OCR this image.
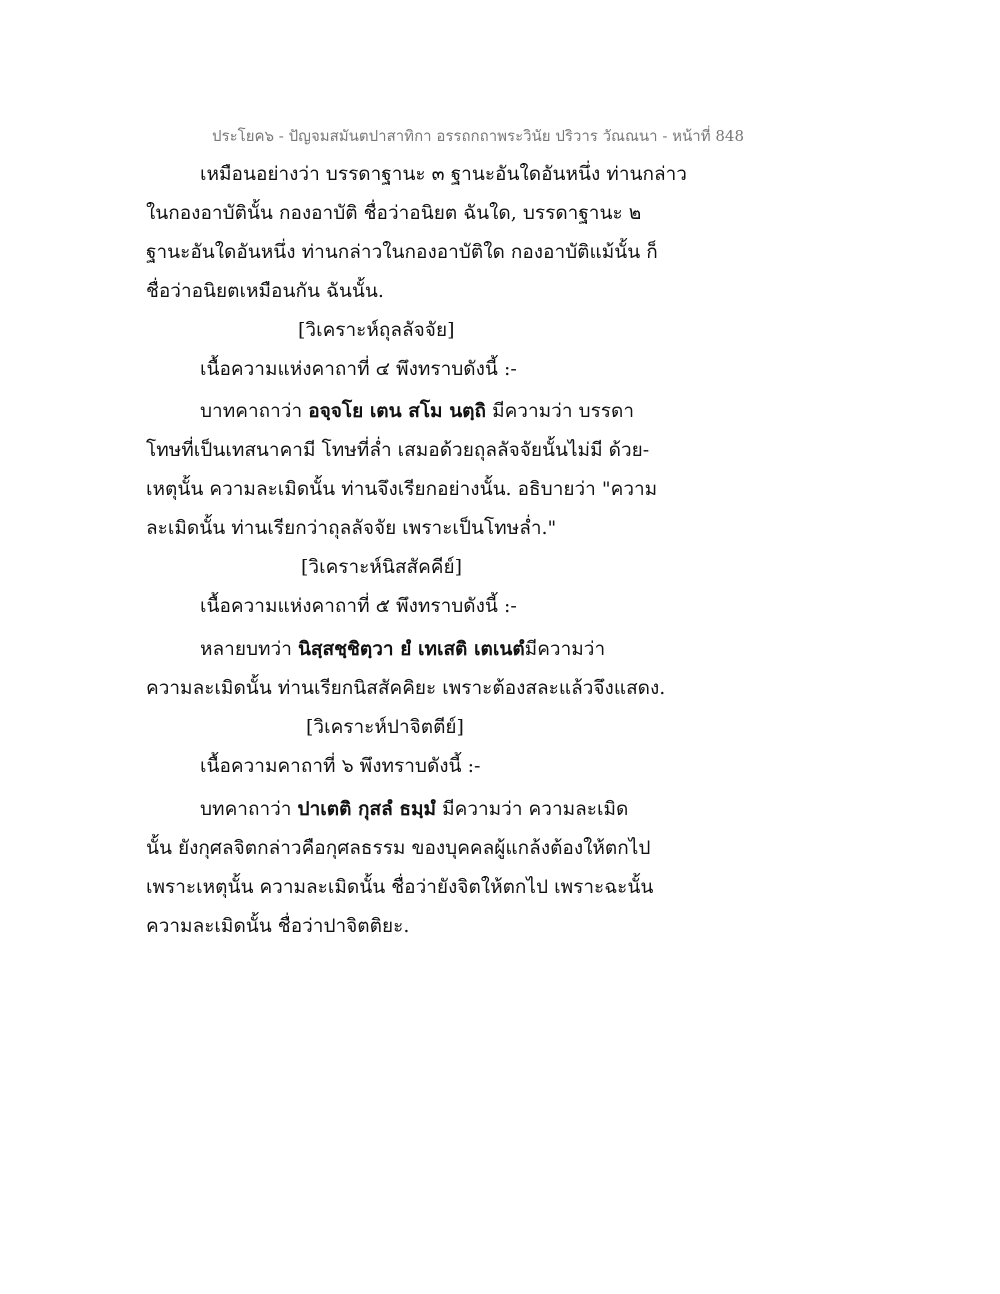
ประโยค๖ - ปัญจมสมันตปาสาทิกา อรรถกถาพระวินัย ปริวาร วัณณนา - หน้าที่ 848
เหมือนอย่างว่า บรรดาฐานะ ๓ ฐานะอันใดอันหนึ่ง ท่านกล่าว
ในกองอาบัตินั้น กองอาบัติ ชื่อว่าอนิยต ฉันใด, บรรดาฐานะ ๒
ฐานะอันใดอันหนึ่ง ท่านกล่าวในกองอาบัติใด กองอาบัติแม้นั้น ก็
ชื่อว่าอนิยตเหมือนกัน ฉันนั้น.
[วิเคราะห์ถุลลัจจัย]
เนื้อความแห่งคาถาที่ ๔ พึงทราบดังนี้ :-
บาทคาถาว่า อจฺจโย เตน สโม นตฺถิ มีความว่า บรรดา
โทษที่เป็นเทสนาคามี โทษที่ล่ำ เสมอด้วยถุลลัจจัยนั้นไม่มี ด้วย-
เหตุนั้น ความละเมิดนั้น ท่านจึงเรียกอย่างนั้น. อธิบายว่า "ความ
ละเมิดนั้น ท่านเรียกว่าถุลลัจจัย เพราะเป็นโทษล่ำ."
[วิเคราะห์นิสสัคคีย์]
เนื้อความแห่งคาถาที่ ๕ พึงทราบดังนี้ :-
หลายบทว่า นิสฺสชฺชิตฺวา ยํ เทเสติ เตเนตํมีความว่า
ความละเมิดนั้น ท่านเรียกนิสสัคคิยะ เพราะต้องสละแล้วจึงแสดง.
[วิเคราะห์ปาจิตตีย์]
เนื้อความคาถาที่ ๖ พึงทราบดังนี้ :-
บทคาถาว่า ปาเตติ กุสลํ ธมฺมํ มีความว่า ความละเมิด
นั้น ยังกุศลจิตกล่าวคือกุศลธรรม ของบุคคลผู้แกล้งต้องให้ตกไป
เพราะเหตุนั้น ความละเมิดนั้น ชื่อว่ายังจิตให้ตกไป เพราะฉะนั้น
ความละเมิดนั้น ชื่อว่าปาจิตติยะ.
